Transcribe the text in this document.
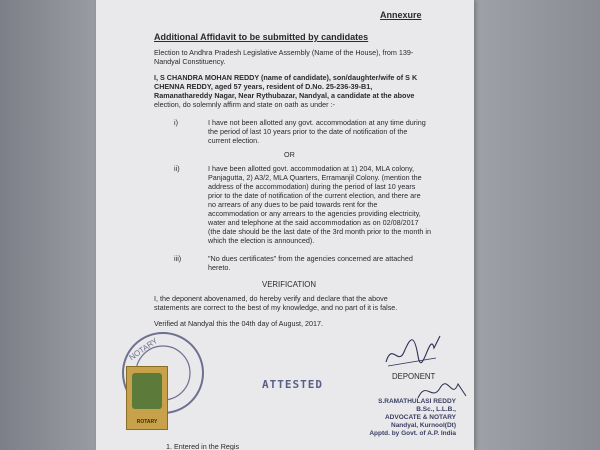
Annexure
Additional Affidavit to be submitted by candidates
Election to Andhra Pradesh Legislative Assembly (Name of the House), from 139-
Nandyal Constituency.
I, S CHANDRA MOHAN REDDY (name of candidate), son/daughter/wife of S K
CHENNA REDDY, aged 57 years, resident of D.No. 25-236-39-B1,
Ramanathareddy Nagar, Near Rythubazar, Nandyal, a candidate at the above
election, do solemnly affirm and state on oath as under :-
i)	I have not been allotted any govt. accommodation at any time during
the period of last 10 years prior to the date of notification of the
current election.
OR
ii)	I have been allotted govt. accommodation at 1) 204, MLA colony,
Panjagutta, 2) A3/2, MLA Quarters, Erramanjil Colony. (mention the
address of the accommodation) during the period of last 10 years
prior to the date of notification of the current election, and there are
no arrears of any dues to be paid towards rent for the
accommodation or any arrears to the agencies providing electricity,
water and telephone at the said accommodation as on 02/08/2017
(the date should be the last date of the 3rd month prior to the month in
which the election is announced).
iii)	"No dues certificates" from the agencies concerned are attached
hereto.
VERIFICATION
I, the deponent abovenamed, do hereby verify and declare that the above
statements are correct to the best of my knowledge, and no part of it is false.
Verified at Nandyal this the 04th day of August, 2017.
DEPONENT
NOTARY
ROTARY
ATTESTED
S.RAMATHULASI REDDY
B.Sc., L.L.B.,
ADVOCATE & NOTARY
Nandyal, Kurnool(Dt)
Apptd. by Govt. of A.P. India
1. Entered in the Regis
